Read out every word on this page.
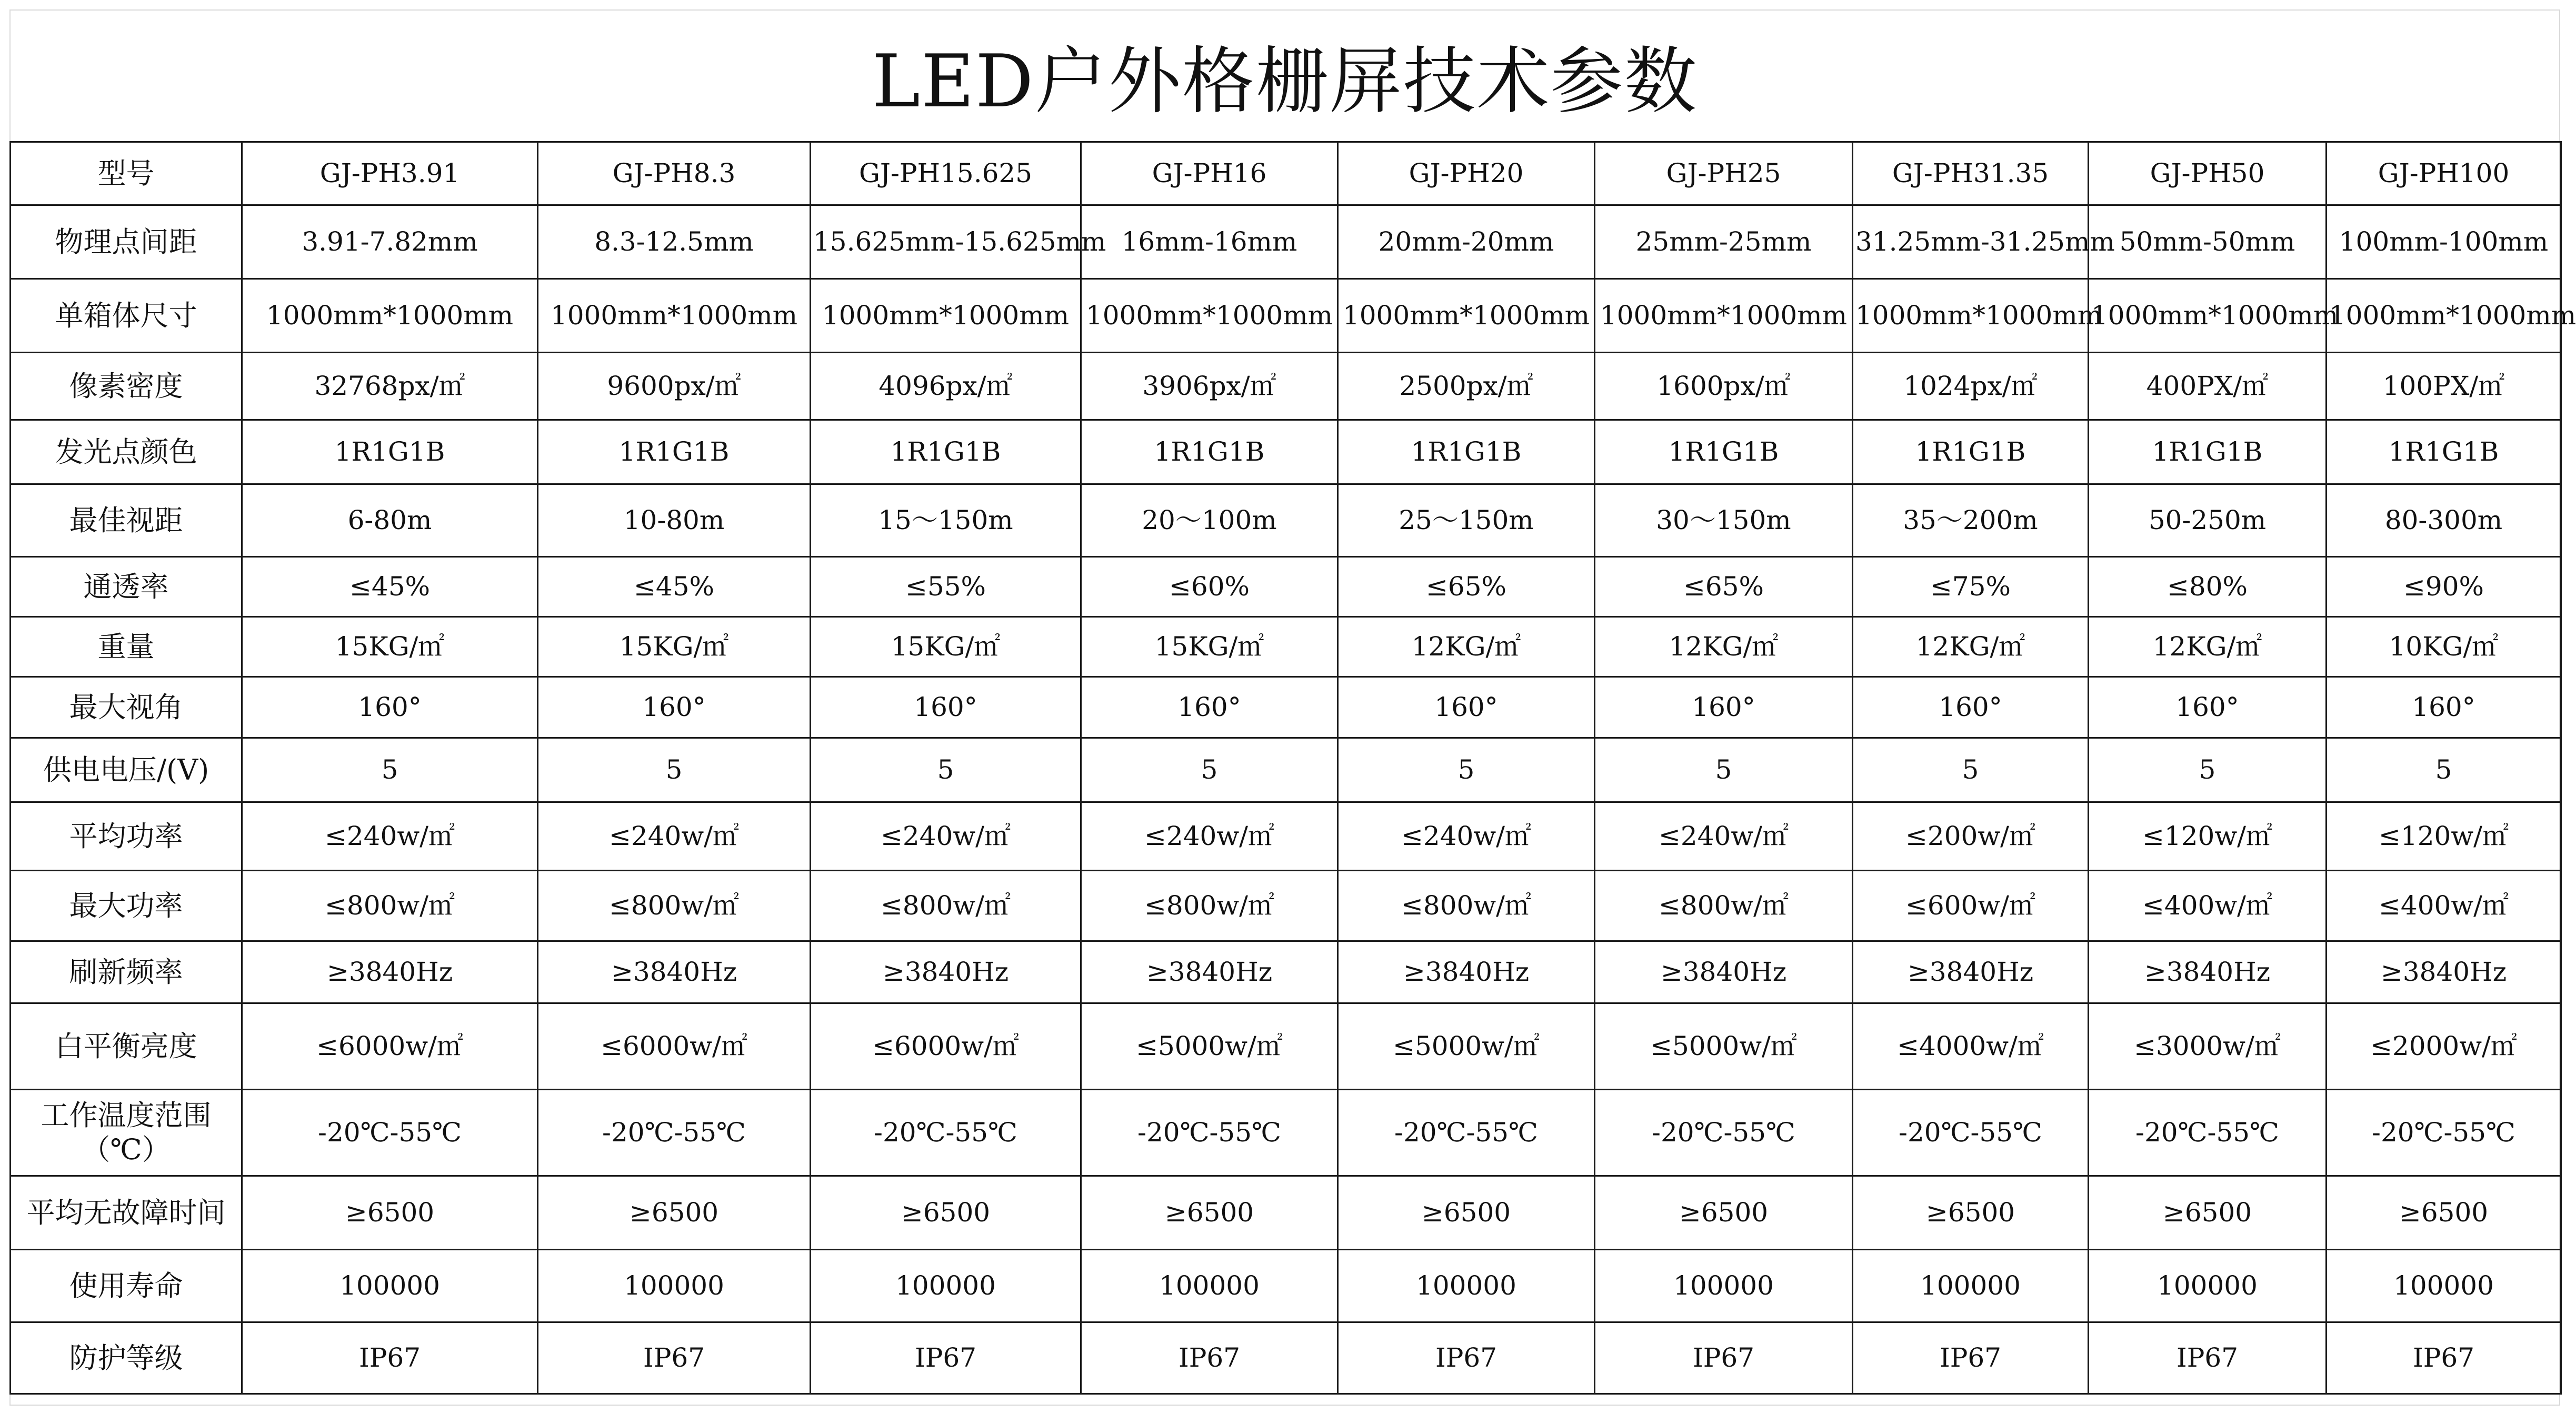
LED户外格栅屏技术参数
型号	GJ-PH3.91	GJ-PH8.3	GJ-PH15.625	GJ-PH16	GJ-PH20	GJ-PH25	GJ-PH31.35	GJ-PH50	GJ-PH100
物理点间距	3.91-7.82mm	8.3-12.5mm	15.625mm-15.625mm	16mm-16mm	20mm-20mm	25mm-25mm	31.25mm-31.25mm	50mm-50mm	100mm-100mm
单箱体尺寸	1000mm*1000mm	1000mm*1000mm	1000mm*1000mm	1000mm*1000mm	1000mm*1000mm	1000mm*1000mm	1000mm*1000mm	1000mm*1000mm	1000mm*1000mm
像素密度	32768px/㎡	9600px/㎡	4096px/㎡	3906px/㎡	2500px/㎡	1600px/㎡	1024px/㎡	400PX/㎡	100PX/㎡
发光点颜色	1R1G1B	1R1G1B	1R1G1B	1R1G1B	1R1G1B	1R1G1B	1R1G1B	1R1G1B	1R1G1B
最佳视距	6-80m	10-80m	15～150m	20～100m	25～150m	30～150m	35～200m	50-250m	80-300m
通透率	≤45%	≤45%	≤55%	≤60%	≤65%	≤65%	≤75%	≤80%	≤90%
重量	15KG/㎡	15KG/㎡	15KG/㎡	15KG/㎡	12KG/㎡	12KG/㎡	12KG/㎡	12KG/㎡	10KG/㎡
最大视角	160°	160°	160°	160°	160°	160°	160°	160°	160°
供电电压/(V)	5	5	5	5	5	5	5	5	5
平均功率	≤240w/㎡	≤240w/㎡	≤240w/㎡	≤240w/㎡	≤240w/㎡	≤240w/㎡	≤200w/㎡	≤120w/㎡	≤120w/㎡
最大功率	≤800w/㎡	≤800w/㎡	≤800w/㎡	≤800w/㎡	≤800w/㎡	≤800w/㎡	≤600w/㎡	≤400w/㎡	≤400w/㎡
刷新频率	≥3840Hz	≥3840Hz	≥3840Hz	≥3840Hz	≥3840Hz	≥3840Hz	≥3840Hz	≥3840Hz	≥3840Hz
白平衡亮度	≤6000w/㎡	≤6000w/㎡	≤6000w/㎡	≤5000w/㎡	≤5000w/㎡	≤5000w/㎡	≤4000w/㎡	≤3000w/㎡	≤2000w/㎡
工作温度范围（℃）	-20℃-55℃	-20℃-55℃	-20℃-55℃	-20℃-55℃	-20℃-55℃	-20℃-55℃	-20℃-55℃	-20℃-55℃	-20℃-55℃
平均无故障时间	≥6500	≥6500	≥6500	≥6500	≥6500	≥6500	≥6500	≥6500	≥6500
使用寿命	100000	100000	100000	100000	100000	100000	100000	100000	100000
防护等级	IP67	IP67	IP67	IP67	IP67	IP67	IP67	IP67	IP67
